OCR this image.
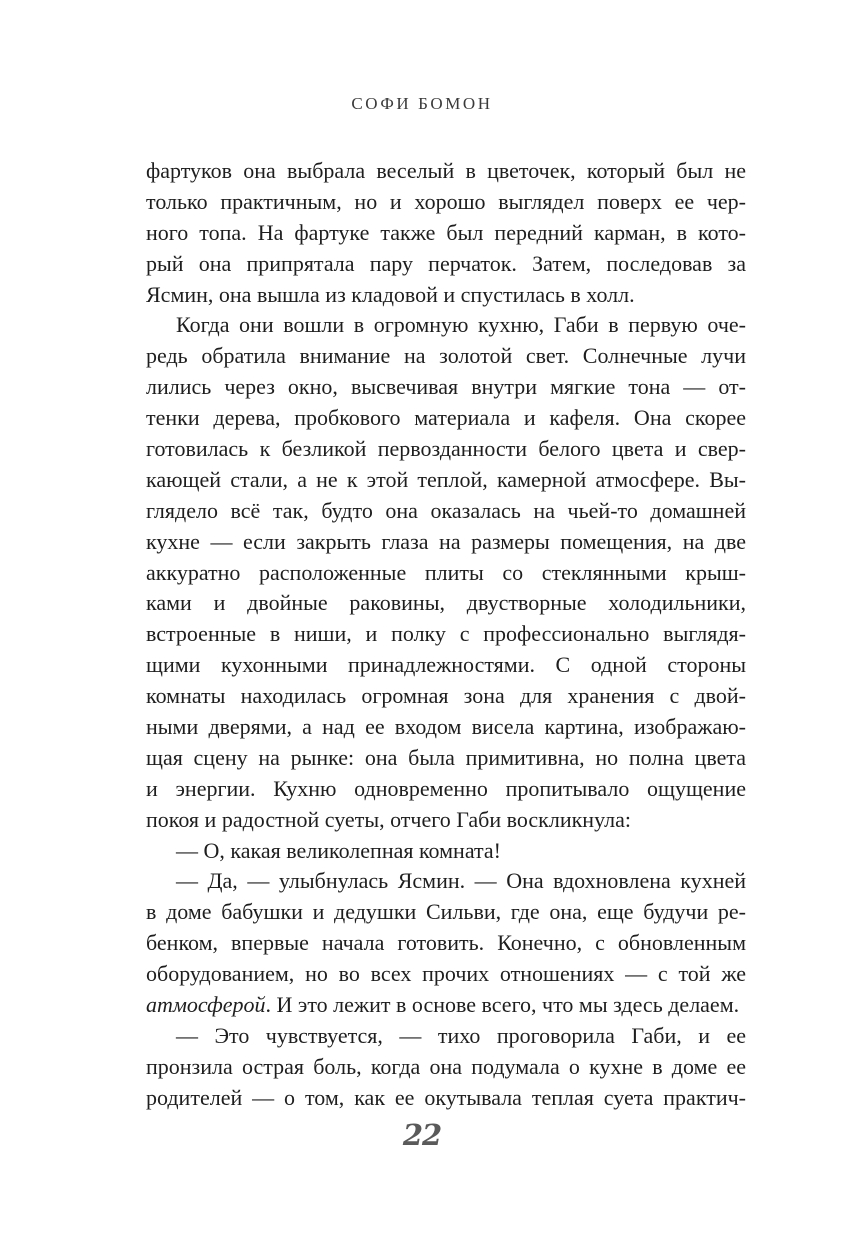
СОФИ БОМОН
фартуков она выбрала веселый в цветочек, который был не
только практичным, но и хорошо выглядел поверх ее чер-
ного топа. На фартуке также был передний карман, в кото-
рый она припрятала пару перчаток. Затем, последовав за
Ясмин, она вышла из кладовой и спустилась в холл.
Когда они вошли в огромную кухню, Габи в первую оче-
редь обратила внимание на золотой свет. Солнечные лучи
лились через окно, высвечивая внутри мягкие тона — от-
тенки дерева, пробкового материала и кафеля. Она скорее
готовилась к безликой первозданности белого цвета и свер-
кающей стали, а не к этой теплой, камерной атмосфере. Вы-
глядело всё так, будто она оказалась на чьей-то домашней
кухне — если закрыть глаза на размеры помещения, на две
аккуратно расположенные плиты со стеклянными крыш-
ками и двойные раковины, двустворные холодильники,
встроенные в ниши, и полку с профессионально выглядя-
щими кухонными принадлежностями. С одной стороны
комнаты находилась огромная зона для хранения с двой-
ными дверями, а над ее входом висела картина, изображаю-
щая сцену на рынке: она была примитивна, но полна цвета
и энергии. Кухню одновременно пропитывало ощущение
покоя и радостной суеты, отчего Габи воскликнула:
— О, какая великолепная комната!
— Да, — улыбнулась Ясмин. — Она вдохновлена кухней
в доме бабушки и дедушки Сильви, где она, еще будучи ре-
бенком, впервые начала готовить. Конечно, с обновленным
оборудованием, но во всех прочих отношениях — с той же
атмосферой. И это лежит в основе всего, что мы здесь делаем.
— Это чувствуется, — тихо проговорила Габи, и ее
пронзила острая боль, когда она подумала о кухне в доме ее
родителей — о том, как ее окутывала теплая суета практич-
22
